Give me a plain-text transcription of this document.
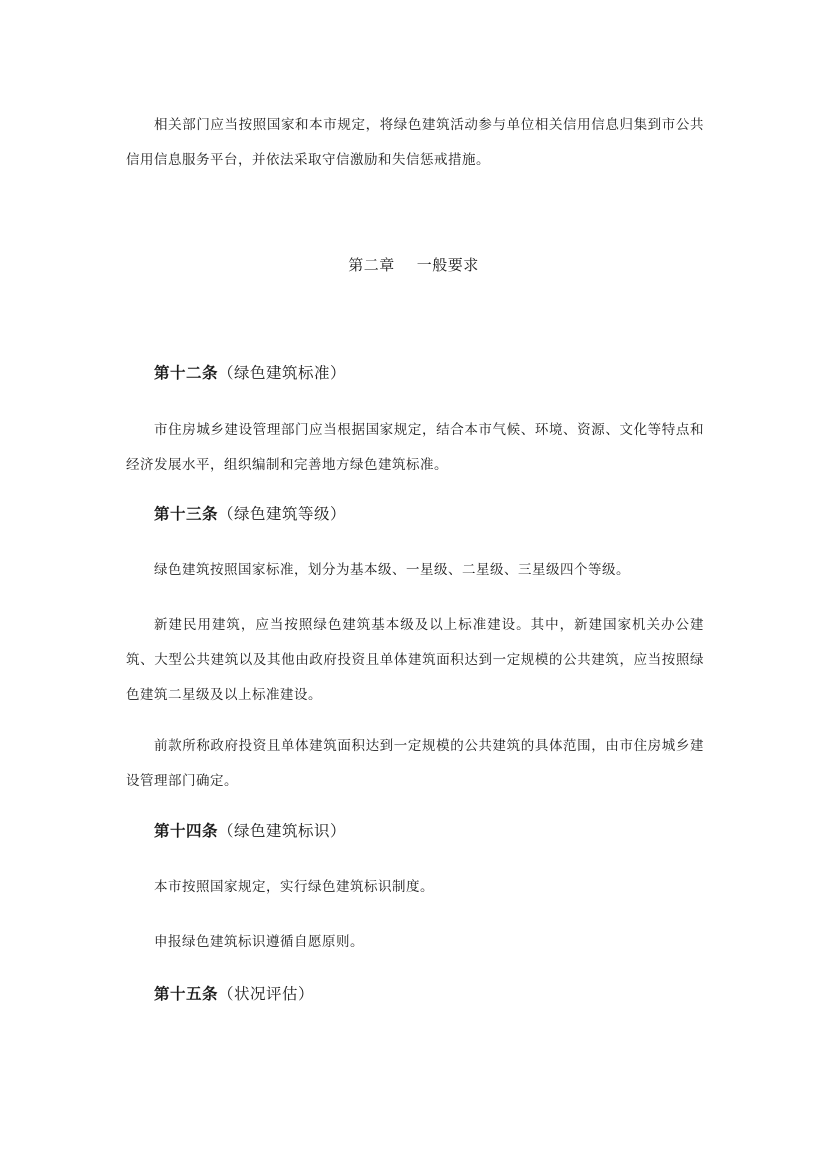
相关部门应当按照国家和本市规定，将绿色建筑活动参与单位相关信用信息归集到市公共信用信息服务平台，并依法采取守信激励和失信惩戒措施。

第二章 一般要求

第十二条（绿色建筑标准）

市住房城乡建设管理部门应当根据国家规定，结合本市气候、环境、资源、文化等特点和经济发展水平，组织编制和完善地方绿色建筑标准。

第十三条（绿色建筑等级）

绿色建筑按照国家标准，划分为基本级、一星级、二星级、三星级四个等级。

新建民用建筑，应当按照绿色建筑基本级及以上标准建设。其中，新建国家机关办公建筑、大型公共建筑以及其他由政府投资且单体建筑面积达到一定规模的公共建筑，应当按照绿色建筑二星级及以上标准建设。

前款所称政府投资且单体建筑面积达到一定规模的公共建筑的具体范围，由市住房城乡建设管理部门确定。

第十四条（绿色建筑标识）

本市按照国家规定，实行绿色建筑标识制度。

申报绿色建筑标识遵循自愿原则。

第十五条（状况评估）
